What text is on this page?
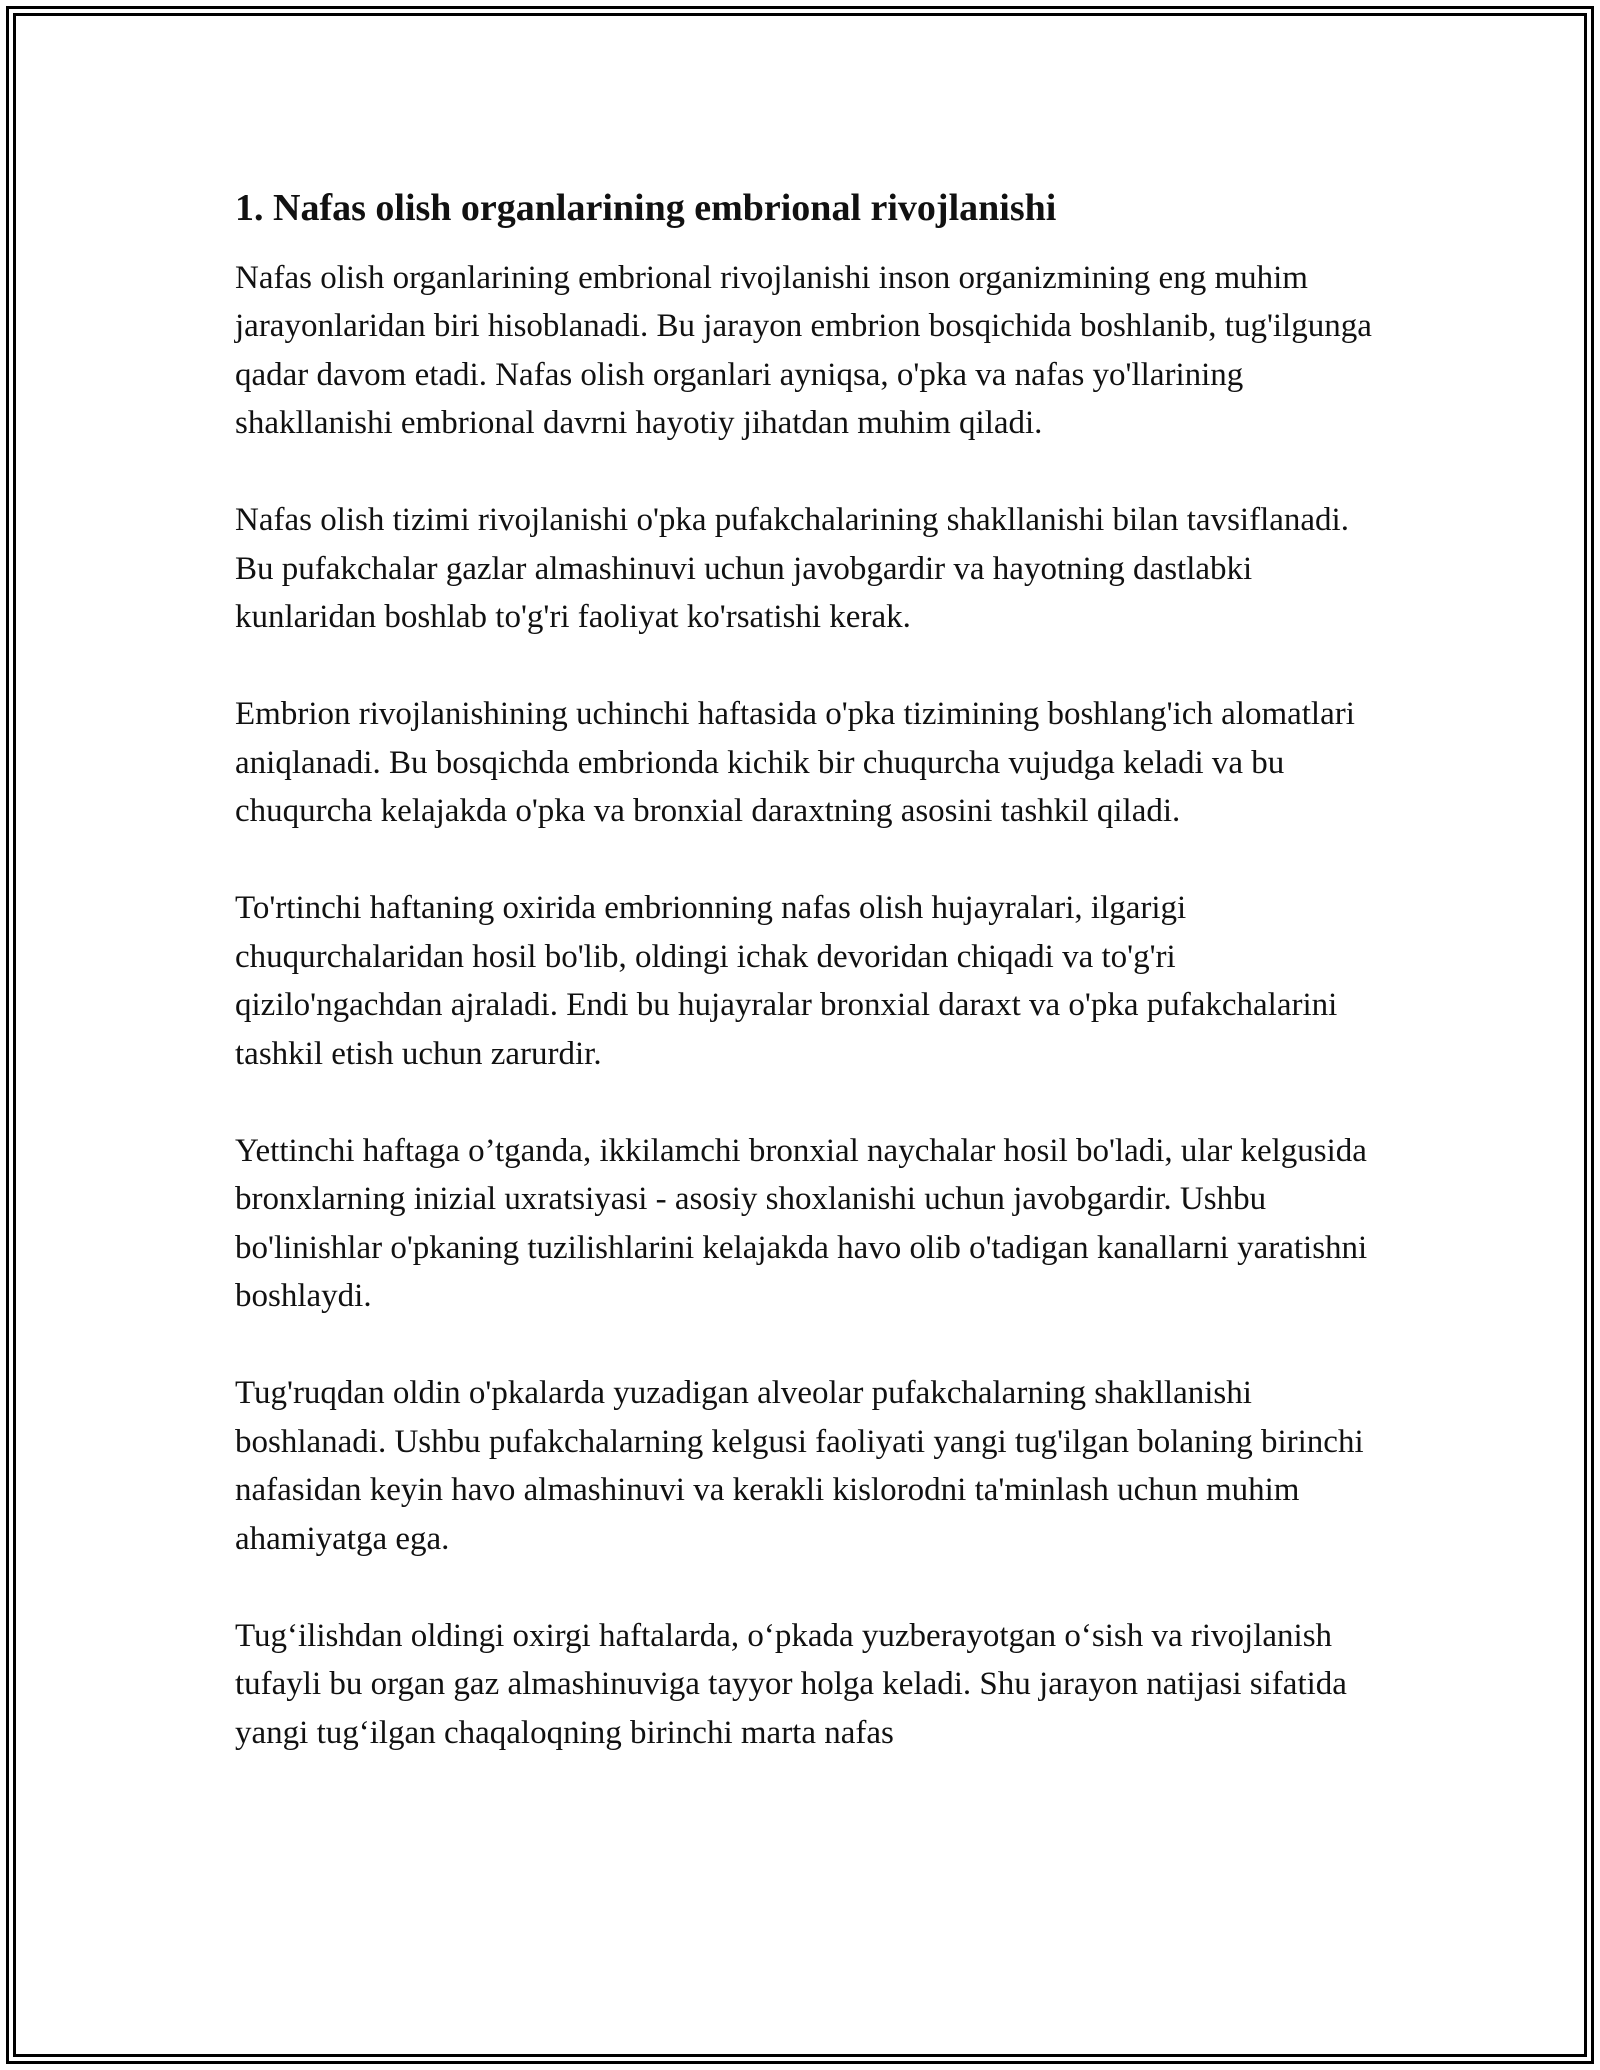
1. Nafas olish organlarining embrional rivojlanishi

Nafas olish organlarining embrional rivojlanishi inson organizmining eng muhim jarayonlaridan biri hisoblanadi. Bu jarayon embrion bosqichida boshlanib, tug'ilgunga qadar davom etadi. Nafas olish organlari ayniqsa, o'pka va nafas yo'llarining shakllanishi embrional davrni hayotiy jihatdan muhim qiladi.

Nafas olish tizimi rivojlanishi o'pka pufakchalarining shakllanishi bilan tavsiflanadi. Bu pufakchalar gazlar almashinuvi uchun javobgardir va hayotning dastlabki kunlaridan boshlab to'g'ri faoliyat ko'rsatishi kerak.

Embrion rivojlanishining uchinchi haftasida o'pka tizimining boshlang'ich alomatlari aniqlanadi. Bu bosqichda embrionda kichik bir chuqurcha vujudga keladi va bu chuqurcha kelajakda o'pka va bronxial daraxtning asosini tashkil qiladi.

To'rtinchi haftaning oxirida embrionning nafas olish hujayralari, ilgarigi chuqurchalaridan hosil bo'lib, oldingi ichak devoridan chiqadi va to'g'ri qizilo'ngachdan ajraladi. Endi bu hujayralar bronxial daraxt va o'pka pufakchalarini tashkil etish uchun zarurdir.

Yettinchi haftaga o’tganda, ikkilamchi bronxial naychalar hosil bo'ladi, ular kelgusida bronxlarning inizial uxratsiyasi - asosiy shoxlanishi uchun javobgardir. Ushbu bo'linishlar o'pkaning tuzilishlarini kelajakda havo olib o'tadigan kanallarni yaratishni boshlaydi.

Tug'ruqdan oldin o'pkalarda yuzadigan alveolar pufakchalarning shakllanishi boshlanadi. Ushbu pufakchalarning kelgusi faoliyati yangi tug'ilgan bolaning birinchi nafasidan keyin havo almashinuvi va kerakli kislorodni ta'minlash uchun muhim ahamiyatga ega.

Tug‘ilishdan oldingi oxirgi haftalarda, o‘pkada yuzberayotgan o‘sish va rivojlanish tufayli bu organ gaz almashinuviga tayyor holga keladi. Shu jarayon natijasi sifatida yangi tug‘ilgan chaqaloqning birinchi marta nafas
